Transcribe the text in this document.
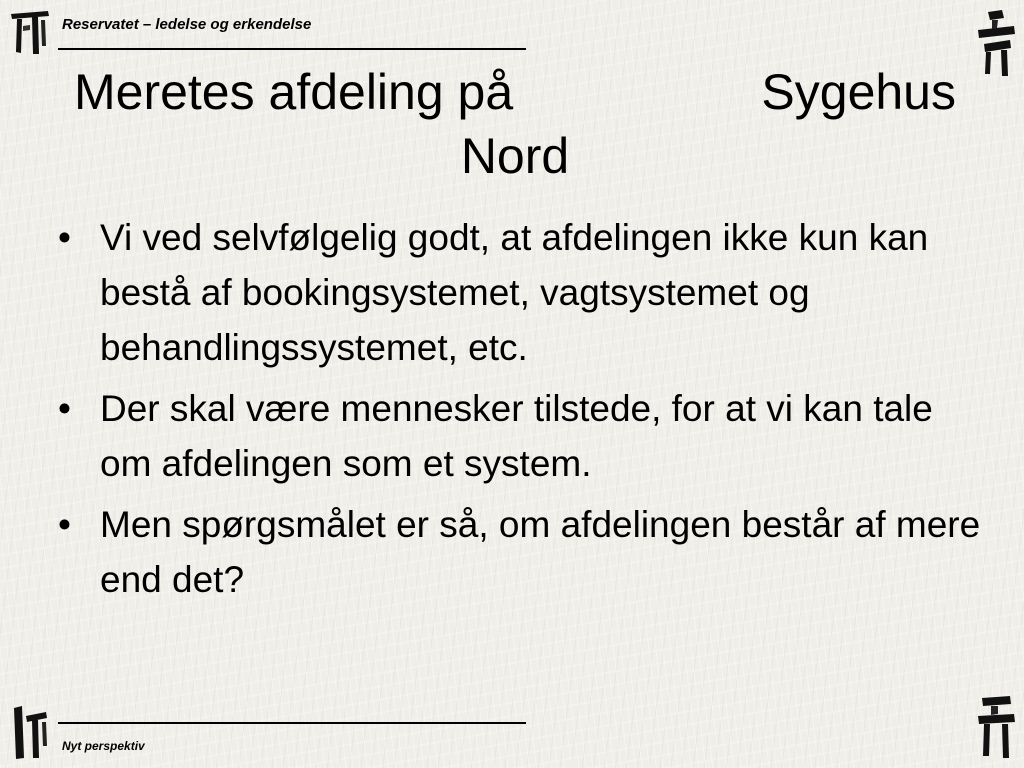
Reservatet – ledelse og erkendelse
Meretes afdeling på	Sygehus
Nord
• Vi ved selvfølgelig godt, at afdelingen ikke kun kan bestå af bookingsystemet, vagtsystemet og behandlingssystemet, etc.
• Der skal være mennesker tilstede, for at vi kan tale om afdelingen som et system.
• Men spørgsmålet er så, om afdelingen består af mere end det?
Nyt perspektiv
